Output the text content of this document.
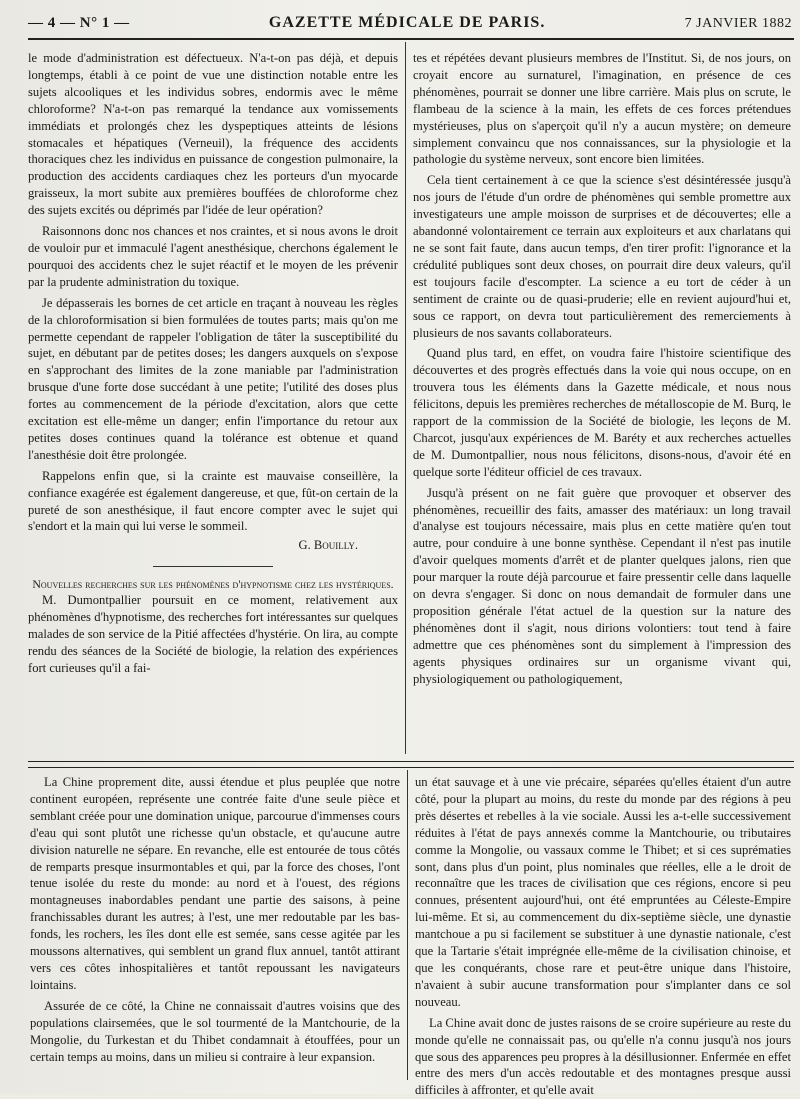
— 4 — N° 1 —	GAZETTE MÉDICALE DE PARIS.	7 JANVIER 1882

le mode d'administration est défectueux. N'a-t-on pas déjà, et depuis longtemps, établi à ce point de vue une distinction notable entre les sujets alcooliques et les individus sobres, endormis avec le même chloroforme? N'a-t-on pas remarqué la tendance aux vomissements immédiats et prolongés chez les dyspeptiques atteints de lésions stomacales et hépatiques (Verneuil), la fréquence des accidents thoraciques chez les individus en puissance de congestion pulmonaire, la production des accidents cardiaques chez les porteurs d'un myocarde graisseux, la mort subite aux premières bouffées de chloroforme chez des sujets excités ou déprimés par l'idée de leur opération?

Raisonnons donc nos chances et nos craintes, et si nous avons le droit de vouloir pur et immaculé l'agent anesthésique, cherchons également le pourquoi des accidents chez le sujet réactif et le moyen de les prévenir par la prudente administration du toxique.

Je dépasserais les bornes de cet article en traçant à nouveau les règles de la chloroformisation si bien formulées de toutes parts; mais qu'on me permette cependant de rappeler l'obligation de tâter la susceptibilité du sujet, en débutant par de petites doses; les dangers auxquels on s'expose en s'approchant des limites de la zone maniable par l'administration brusque d'une forte dose succédant à une petite; l'utilité des doses plus fortes au commencement de la période d'excitation, alors que cette excitation est elle-même un danger; enfin l'importance du retour aux petites doses continues quand la tolérance est obtenue et quand l'anesthésie doit être prolongée.

Rappelons enfin que, si la crainte est mauvaise conseillère, la confiance exagérée est également dangereuse, et que, fût-on certain de la pureté de son anesthésique, il faut encore compter avec le sujet qui s'endort et la main qui lui verse le sommeil.

G. Bouilly.

Nouvelles recherches sur les phénomènes d'hypnotisme chez les hystériques.

M. Dumontpallier poursuit en ce moment, relativement aux phénomènes d'hypnotisme, des recherches fort intéressantes sur quelques malades de son service de la Pitié affectées d'hystérie. On lira, au compte rendu des séances de la Société de biologie, la relation des expériences fort curieuses qu'il a fai-

tes et répétées devant plusieurs membres de l'Institut. Si, de nos jours, on croyait encore au surnaturel, l'imagination, en présence de ces phénomènes, pourrait se donner une libre carrière. Mais plus on scrute, le flambeau de la science à la main, les effets de ces forces prétendues mystérieuses, plus on s'aperçoit qu'il n'y a aucun mystère; on demeure simplement convaincu que nos connaissances, sur la physiologie et la pathologie du système nerveux, sont encore bien limitées.

Cela tient certainement à ce que la science s'est désintéressée jusqu'à nos jours de l'étude d'un ordre de phénomènes qui semble promettre aux investigateurs une ample moisson de surprises et de découvertes; elle a abandonné volontairement ce terrain aux exploiteurs et aux charlatans qui ne se sont fait faute, dans aucun temps, d'en tirer profit: l'ignorance et la crédulité publiques sont deux choses, on pourrait dire deux valeurs, qu'il est toujours facile d'escompter. La science a eu tort de céder à un sentiment de crainte ou de quasi-pruderie; elle en revient aujourd'hui et, sous ce rapport, on devra tout particulièrement des remerciements à plusieurs de nos savants collaborateurs.

Quand plus tard, en effet, on voudra faire l'histoire scientifique des découvertes et des progrès effectués dans la voie qui nous occupe, on en trouvera tous les éléments dans la Gazette médicale, et nous nous félicitons, depuis les premières recherches de métalloscopie de M. Burq, le rapport de la commission de la Société de biologie, les leçons de M. Charcot, jusqu'aux expériences de M. Baréty et aux recherches actuelles de M. Dumontpallier, nous nous félicitons, disons-nous, d'avoir été en quelque sorte l'éditeur officiel de ces travaux.

Jusqu'à présent on ne fait guère que provoquer et observer des phénomènes, recueillir des faits, amasser des matériaux: un long travail d'analyse est toujours nécessaire, mais plus en cette matière qu'en tout autre, pour conduire à une bonne synthèse. Cependant il n'est pas inutile d'avoir quelques moments d'arrêt et de planter quelques jalons, rien que pour marquer la route déjà parcourue et faire pressentir celle dans laquelle on devra s'engager. Si donc on nous demandait de formuler dans une proposition générale l'état actuel de la question sur la nature des phénomènes dont il s'agit, nous dirions volontiers: tout tend à faire admettre que ces phénomènes sont du simplement à l'impression des agents physiques ordinaires sur un organisme vivant qui, physiologiquement ou pathologiquement,

La Chine proprement dite, aussi étendue et plus peuplée que notre continent européen, représente une contrée faite d'une seule pièce et semblant créée pour une domination unique, parcourue d'immenses cours d'eau qui sont plutôt une richesse qu'un obstacle, et qu'aucune autre division naturelle ne sépare. En revanche, elle est entourée de tous côtés de remparts presque insurmontables et qui, par la force des choses, l'ont tenue isolée du reste du monde: au nord et à l'ouest, des régions montagneuses inabordables pendant une partie des saisons, à peine franchissables durant les autres; à l'est, une mer redoutable par les bas-fonds, les rochers, les îles dont elle est semée, sans cesse agitée par les moussons alternatives, qui semblent un grand flux annuel, tantôt attirant vers ces côtes inhospitalières et tantôt repoussant les navigateurs lointains.

Assurée de ce côté, la Chine ne connaissait d'autres voisins que des populations clairsemées, que le sol tourmenté de la Mantchourie, de la Mongolie, du Turkestan et du Thibet condamnait à étouffées, pour un certain temps au moins, dans un milieu si contraire à leur expansion.

un état sauvage et à une vie précaire, séparées qu'elles étaient d'un autre côté, pour la plupart au moins, du reste du monde par des régions à peu près désertes et rebelles à la vie sociale. Aussi les a-t-elle successivement réduites à l'état de pays annexés comme la Mantchourie, ou tributaires comme la Mongolie, ou vassaux comme le Thibet; et si ces suprématies sont, dans plus d'un point, plus nominales que réelles, elle a le droit de reconnaître que les traces de civilisation que ces régions, encore si peu connues, présentent aujourd'hui, ont été empruntées au Céleste-Empire lui-même. Et si, au commencement du dix-septième siècle, une dynastie mantchoue a pu si facilement se substituer à une dynastie nationale, c'est que la Tartarie s'était imprégnée elle-même de la civilisation chinoise, et que les conquérants, chose rare et peut-être unique dans l'histoire, n'avaient à subir aucune transformation pour s'implanter dans ce sol nouveau.

La Chine avait donc de justes raisons de se croire supérieure au reste du monde qu'elle ne connaissait pas, ou qu'elle n'a connu jusqu'à nos jours que sous des apparences peu propres à la désillusionner. Enfermée en effet entre des mers d'un accès redoutable et des montagnes presque aussi difficiles à affronter, et qu'elle avait
